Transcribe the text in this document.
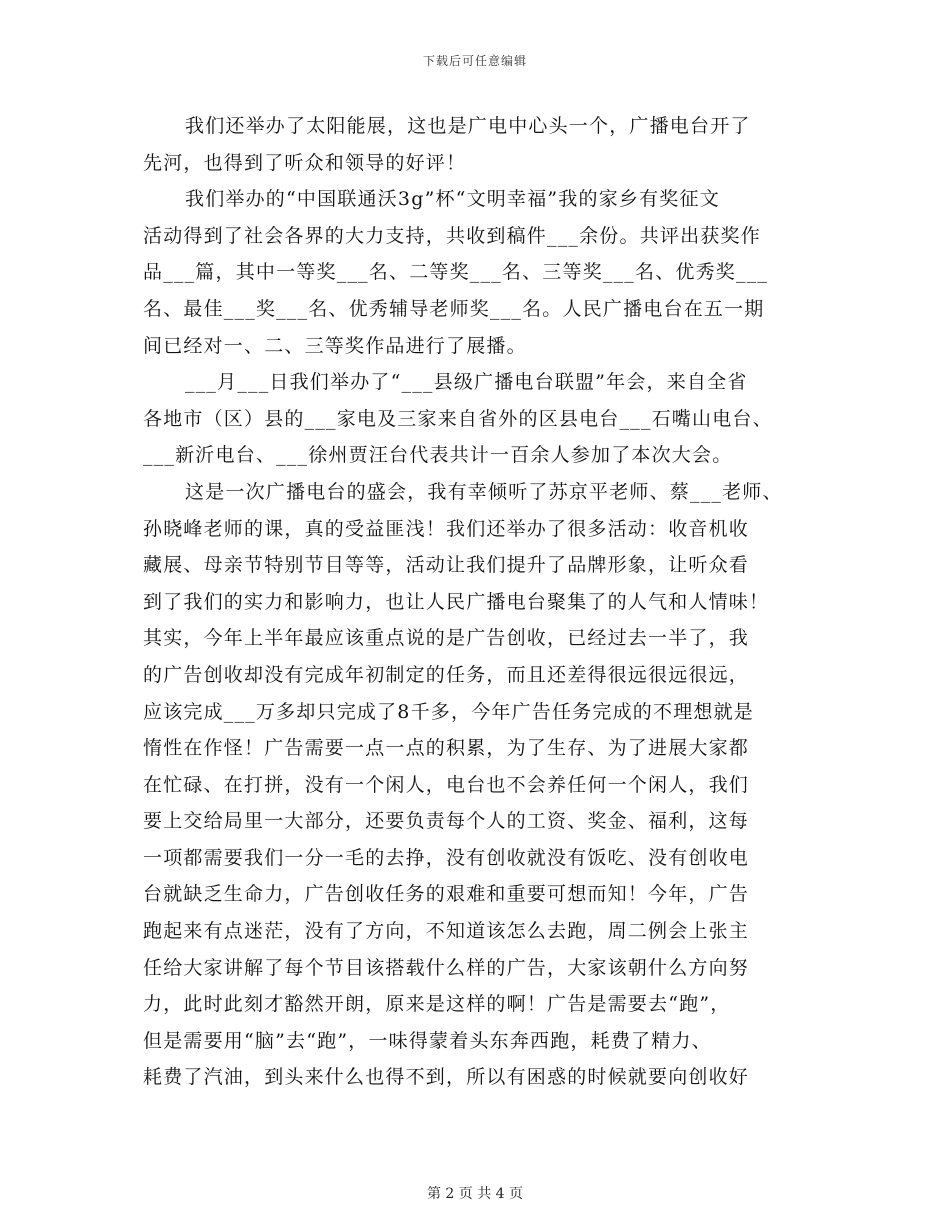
下载后可任意编辑
我们还举办了太阳能展，这也是广电中心头一个，广播电台开了
先河，也得到了听众和领导的好评！
我们举办的“中国联通沃3g”杯“文明幸福”我的家乡有奖征文
活动得到了社会各界的大力支持，共收到稿件___余份。共评出获奖作
品___篇，其中一等奖___名、二等奖___名、三等奖___名、优秀奖___
名、最佳___奖___名、优秀辅导老师奖___名。人民广播电台在五一期
间已经对一、二、三等奖作品进行了展播。
___月___日我们举办了“___县级广播电台联盟”年会，来自全省
各地市（区）县的___家电及三家来自省外的区县电台___石嘴山电台、
___新沂电台、___徐州贾汪台代表共计一百余人参加了本次大会。
这是一次广播电台的盛会，我有幸倾听了苏京平老师、蔡___老师、
孙晓峰老师的课，真的受益匪浅！我们还举办了很多活动：收音机收
藏展、母亲节特别节目等等，活动让我们提升了品牌形象，让听众看
到了我们的实力和影响力，也让人民广播电台聚集了的人气和人情味！
其实，今年上半年最应该重点说的是广告创收，已经过去一半了，我
的广告创收却没有完成年初制定的任务，而且还差得很远很远很远，
应该完成___万多却只完成了8千多，今年广告任务完成的不理想就是
惰性在作怪！广告需要一点一点的积累，为了生存、为了进展大家都
在忙碌、在打拼，没有一个闲人，电台也不会养任何一个闲人，我们
要上交给局里一大部分，还要负责每个人的工资、奖金、福利，这每
一项都需要我们一分一毛的去挣，没有创收就没有饭吃、没有创收电
台就缺乏生命力，广告创收任务的艰难和重要可想而知！今年，广告
跑起来有点迷茫，没有了方向，不知道该怎么去跑，周二例会上张主
任给大家讲解了每个节目该搭载什么样的广告，大家该朝什么方向努
力，此时此刻才豁然开朗，原来是这样的啊！广告是需要去“跑”，
但是需要用“脑”去“跑”，一味得蒙着头东奔西跑，耗费了精力、
耗费了汽油，到头来什么也得不到，所以有困惑的时候就要向创收好
第 2 页 共 4 页
